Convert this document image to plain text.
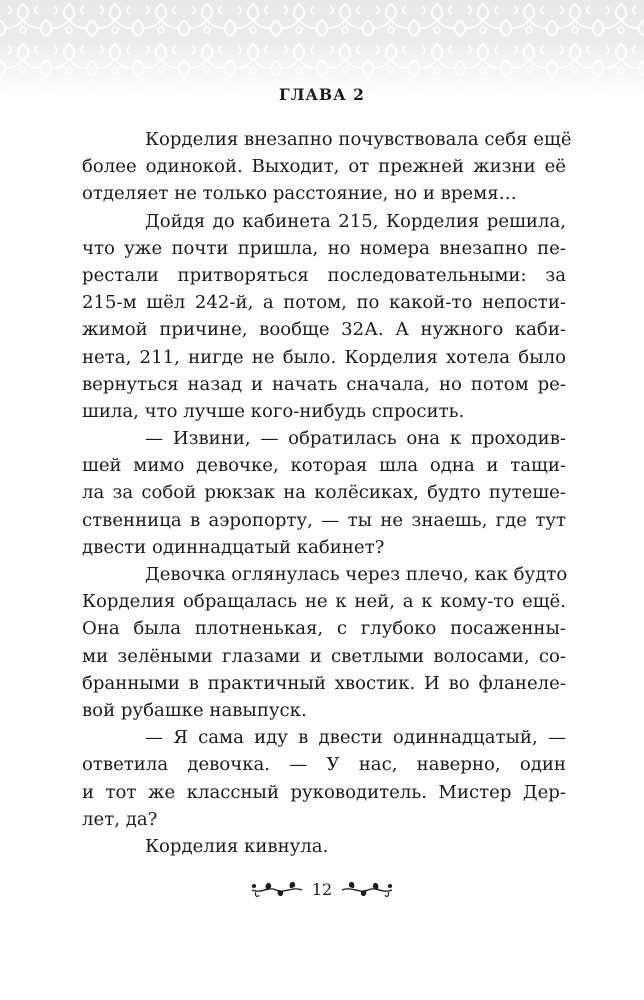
ГЛАВА 2
Корделия внезапно почувствовала себя ещё
более одинокой. Выходит, от прежней жизни её
отделяет не только расстояние, но и время…
Дойдя до кабинета 215, Корделия решила,
что уже почти пришла, но номера внезапно пе-
рестали притворяться последовательными: за
215-м шёл 242-й, а потом, по какой-то непости-
жимой причине, вообще 32А. А нужного каби-
нета, 211, нигде не было. Корделия хотела было
вернуться назад и начать сначала, но потом ре-
шила, что лучше кого-нибудь спросить.
— Извини, — обратилась она к проходив-
шей мимо девочке, которая шла одна и тащи-
ла за собой рюкзак на колёсиках, будто путеше-
ственница в аэропорту, — ты не знаешь, где тут
двести одиннадцатый кабинет?
Девочка оглянулась через плечо, как будто
Корделия обращалась не к ней, а к кому-то ещё.
Она была плотненькая, с глубоко посаженны-
ми зелёными глазами и светлыми волосами, со-
бранными в практичный хвостик. И во фланеле-
вой рубашке навыпуск.
— Я сама иду в двести одиннадцатый, —
ответила девочка. — У нас, наверно, один
и тот же классный руководитель. Мистер Дер-
лет, да?
Корделия кивнула.
12
